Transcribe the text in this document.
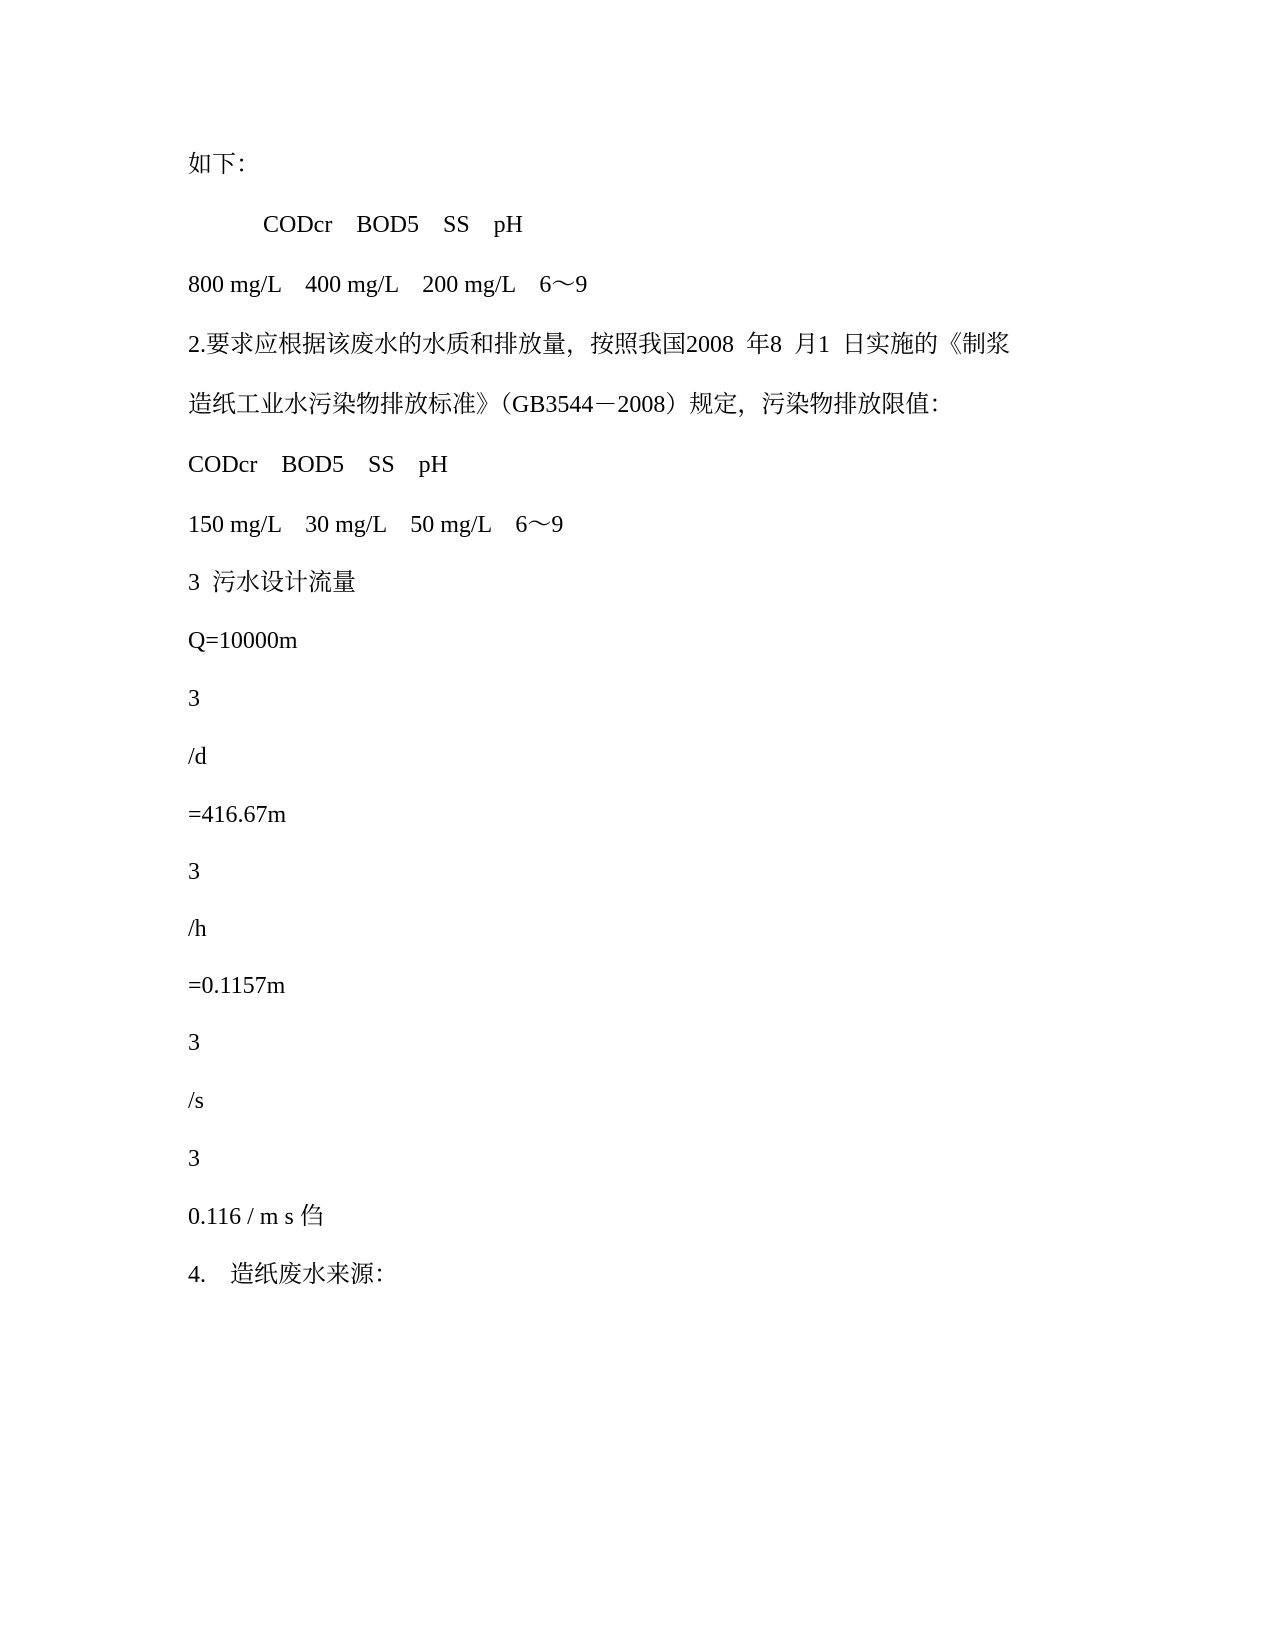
如下：
CODcr    BOD5    SS    pH
800 mg/L    400 mg/L    200 mg/L    6～9
2.要求应根据该废水的水质和排放量，按照我国2008  年8  月1  日实施的《制浆
造纸工业水污染物排放标准》（GB3544－2008）规定，污染物排放限值：
CODcr    BOD5    SS    pH
150 mg/L    30 mg/L    50 mg/L    6～9
3  污水设计流量
Q=10000m
3
/d
=416.67m
3
/h
=0.1157m
3
/s
3
0.116 / m s 㑇
4.    造纸废水来源：
